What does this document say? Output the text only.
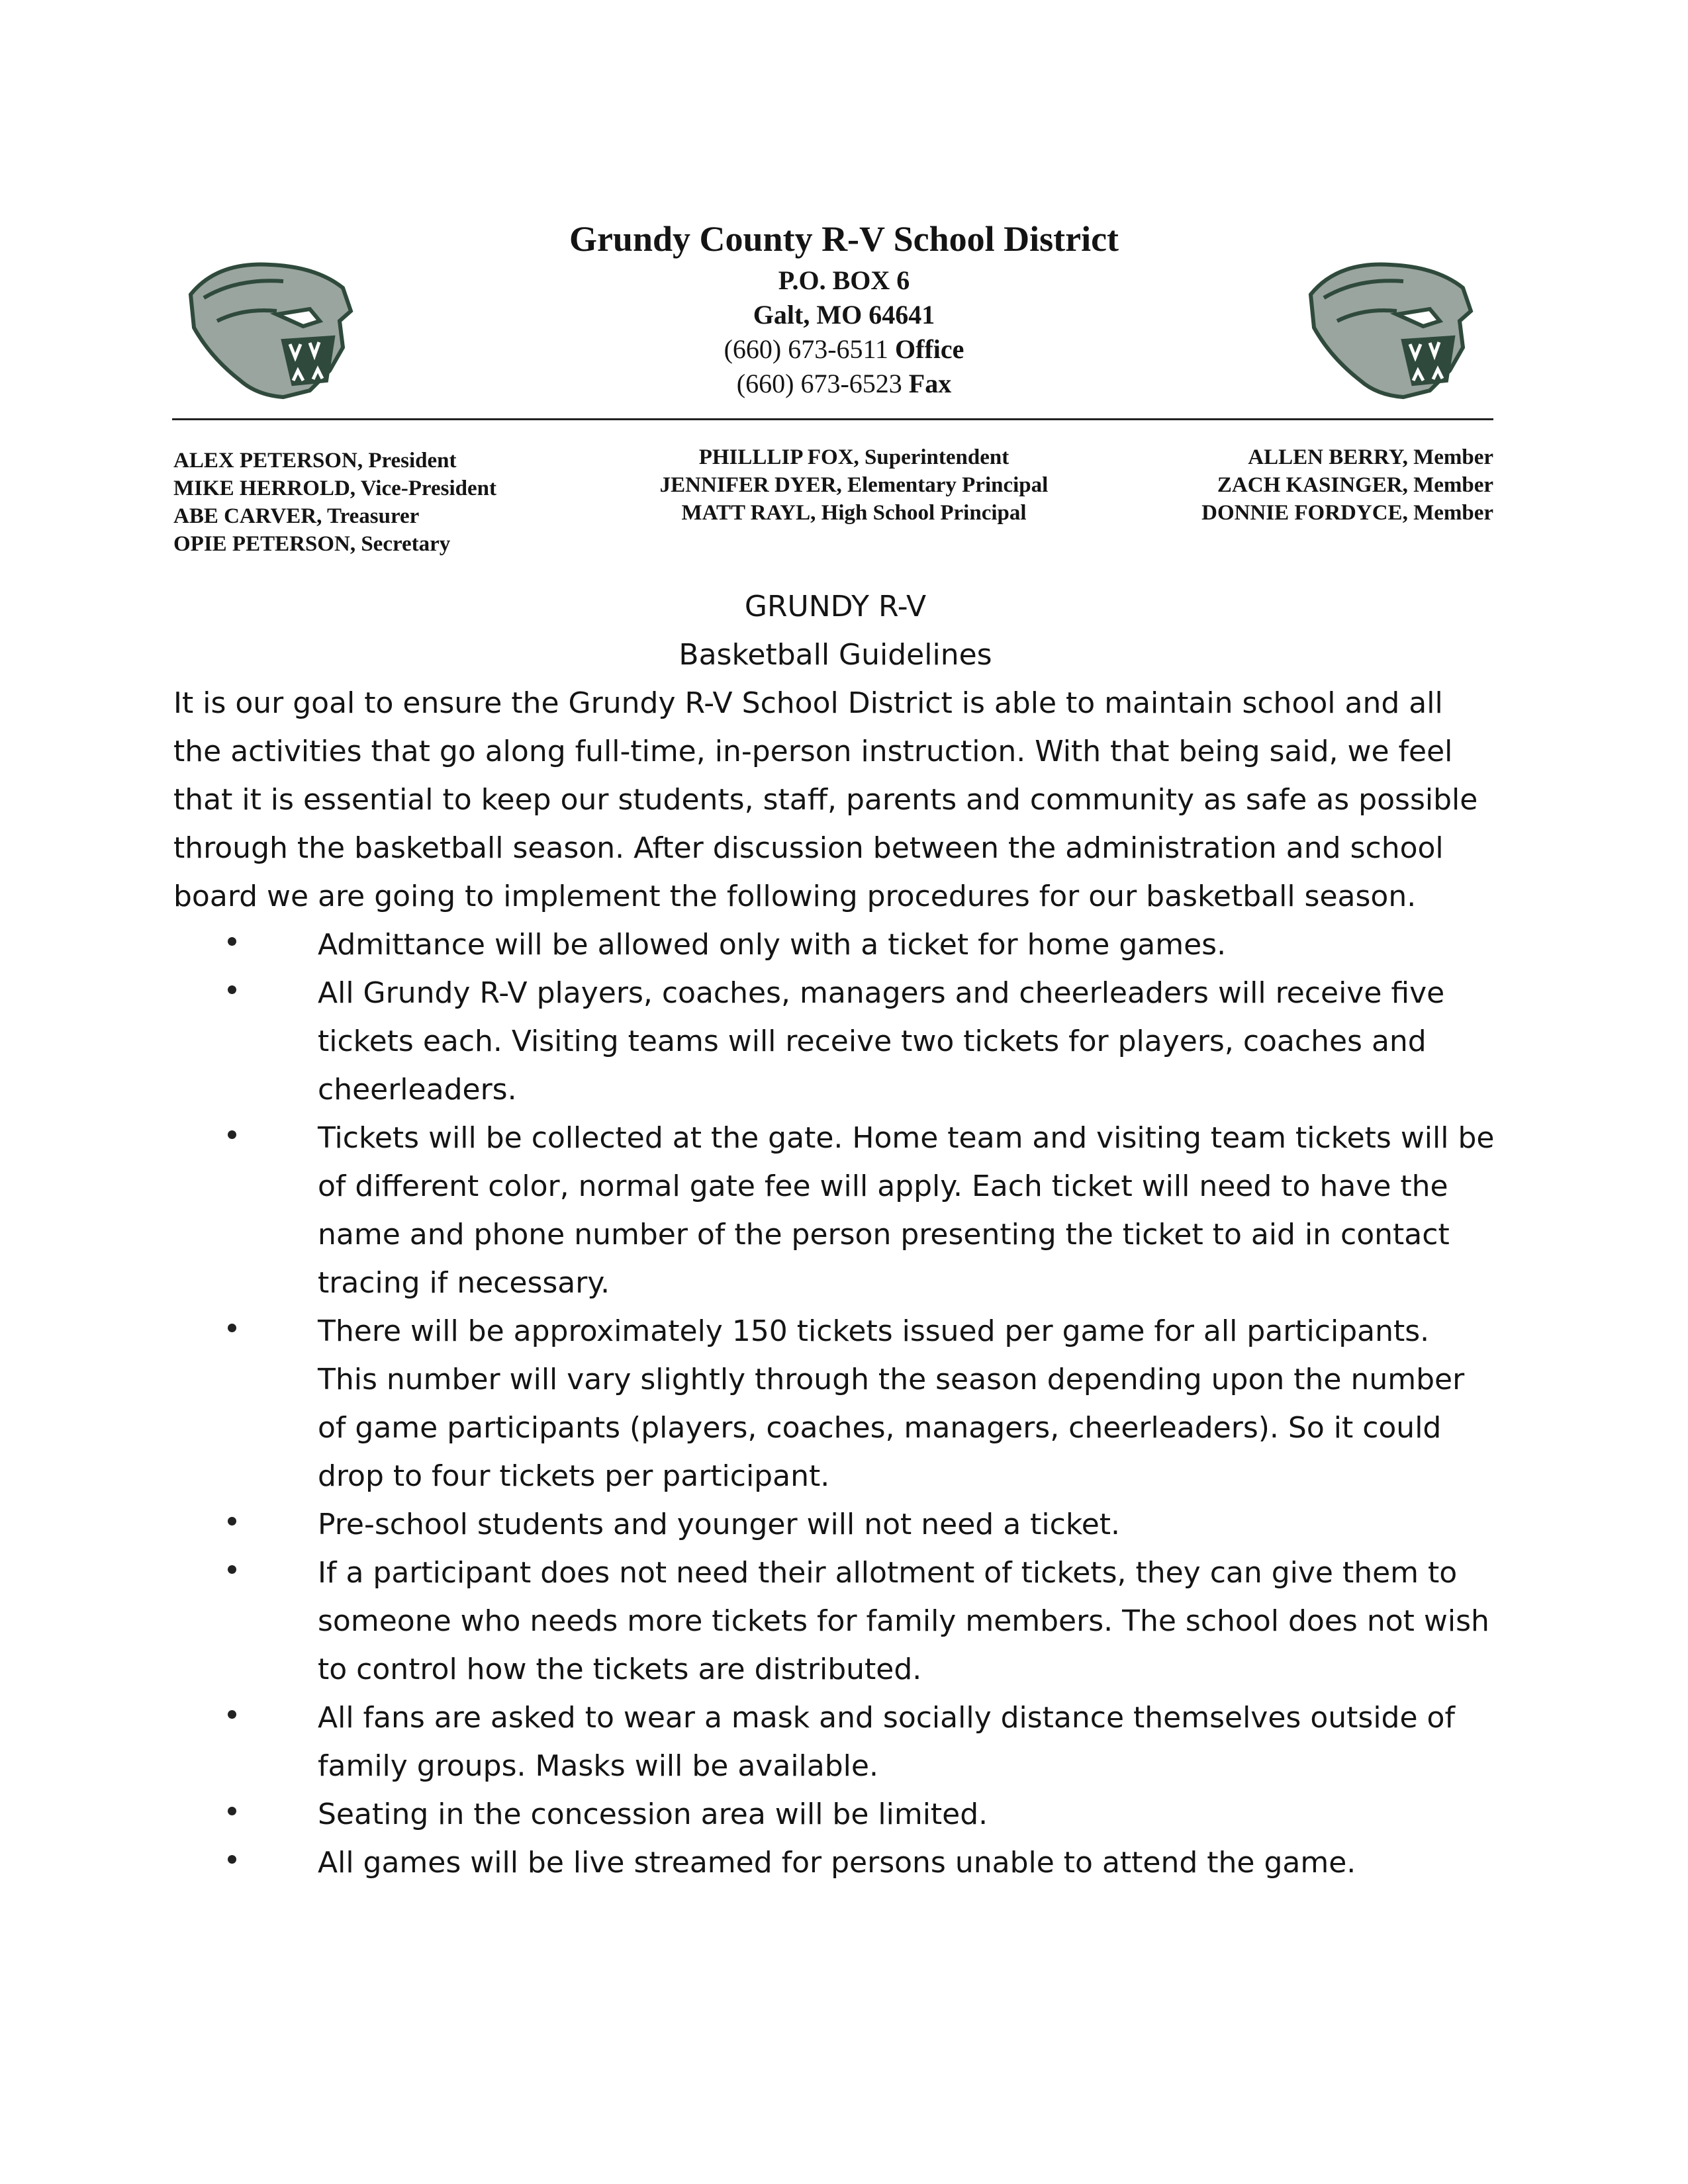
Grundy County R-V School District
P.O. BOX 6
Galt, MO 64641
(660) 673-6511 Office
(660) 673-6523 Fax
ALEX PETERSON, President
MIKE HERROLD, Vice-President
ABE CARVER, Treasurer
OPIE PETERSON, Secretary
PHILLLIP FOX, Superintendent
JENNIFER DYER, Elementary Principal
MATT RAYL, High School Principal
ALLEN BERRY, Member
ZACH KASINGER, Member
DONNIE FORDYCE, Member
GRUNDY R-V
Basketball Guidelines

It is our goal to ensure the Grundy R-V School District is able to maintain school and all the activities that go along full-time, in-person instruction. With that being said, we feel that it is essential to keep our students, staff, parents and community as safe as possible through the basketball season. After discussion between the administration and school board we are going to implement the following procedures for our basketball season.

Admittance will be allowed only with a ticket for home games.
All Grundy R-V players, coaches, managers and cheerleaders will receive five tickets each. Visiting teams will receive two tickets for players, coaches and cheerleaders.
Tickets will be collected at the gate. Home team and visiting team tickets will be of different color, normal gate fee will apply. Each ticket will need to have the name and phone number of the person presenting the ticket to aid in contact tracing if necessary.
There will be approximately 150 tickets issued per game for all participants. This number will vary slightly through the season depending upon the number of game participants (players, coaches, managers, cheerleaders). So it could drop to four tickets per participant.
Pre-school students and younger will not need a ticket.
If a participant does not need their allotment of tickets, they can give them to someone who needs more tickets for family members. The school does not wish to control how the tickets are distributed.
All fans are asked to wear a mask and socially distance themselves outside of family groups. Masks will be available.
Seating in the concession area will be limited.
All games will be live streamed for persons unable to attend the game.
